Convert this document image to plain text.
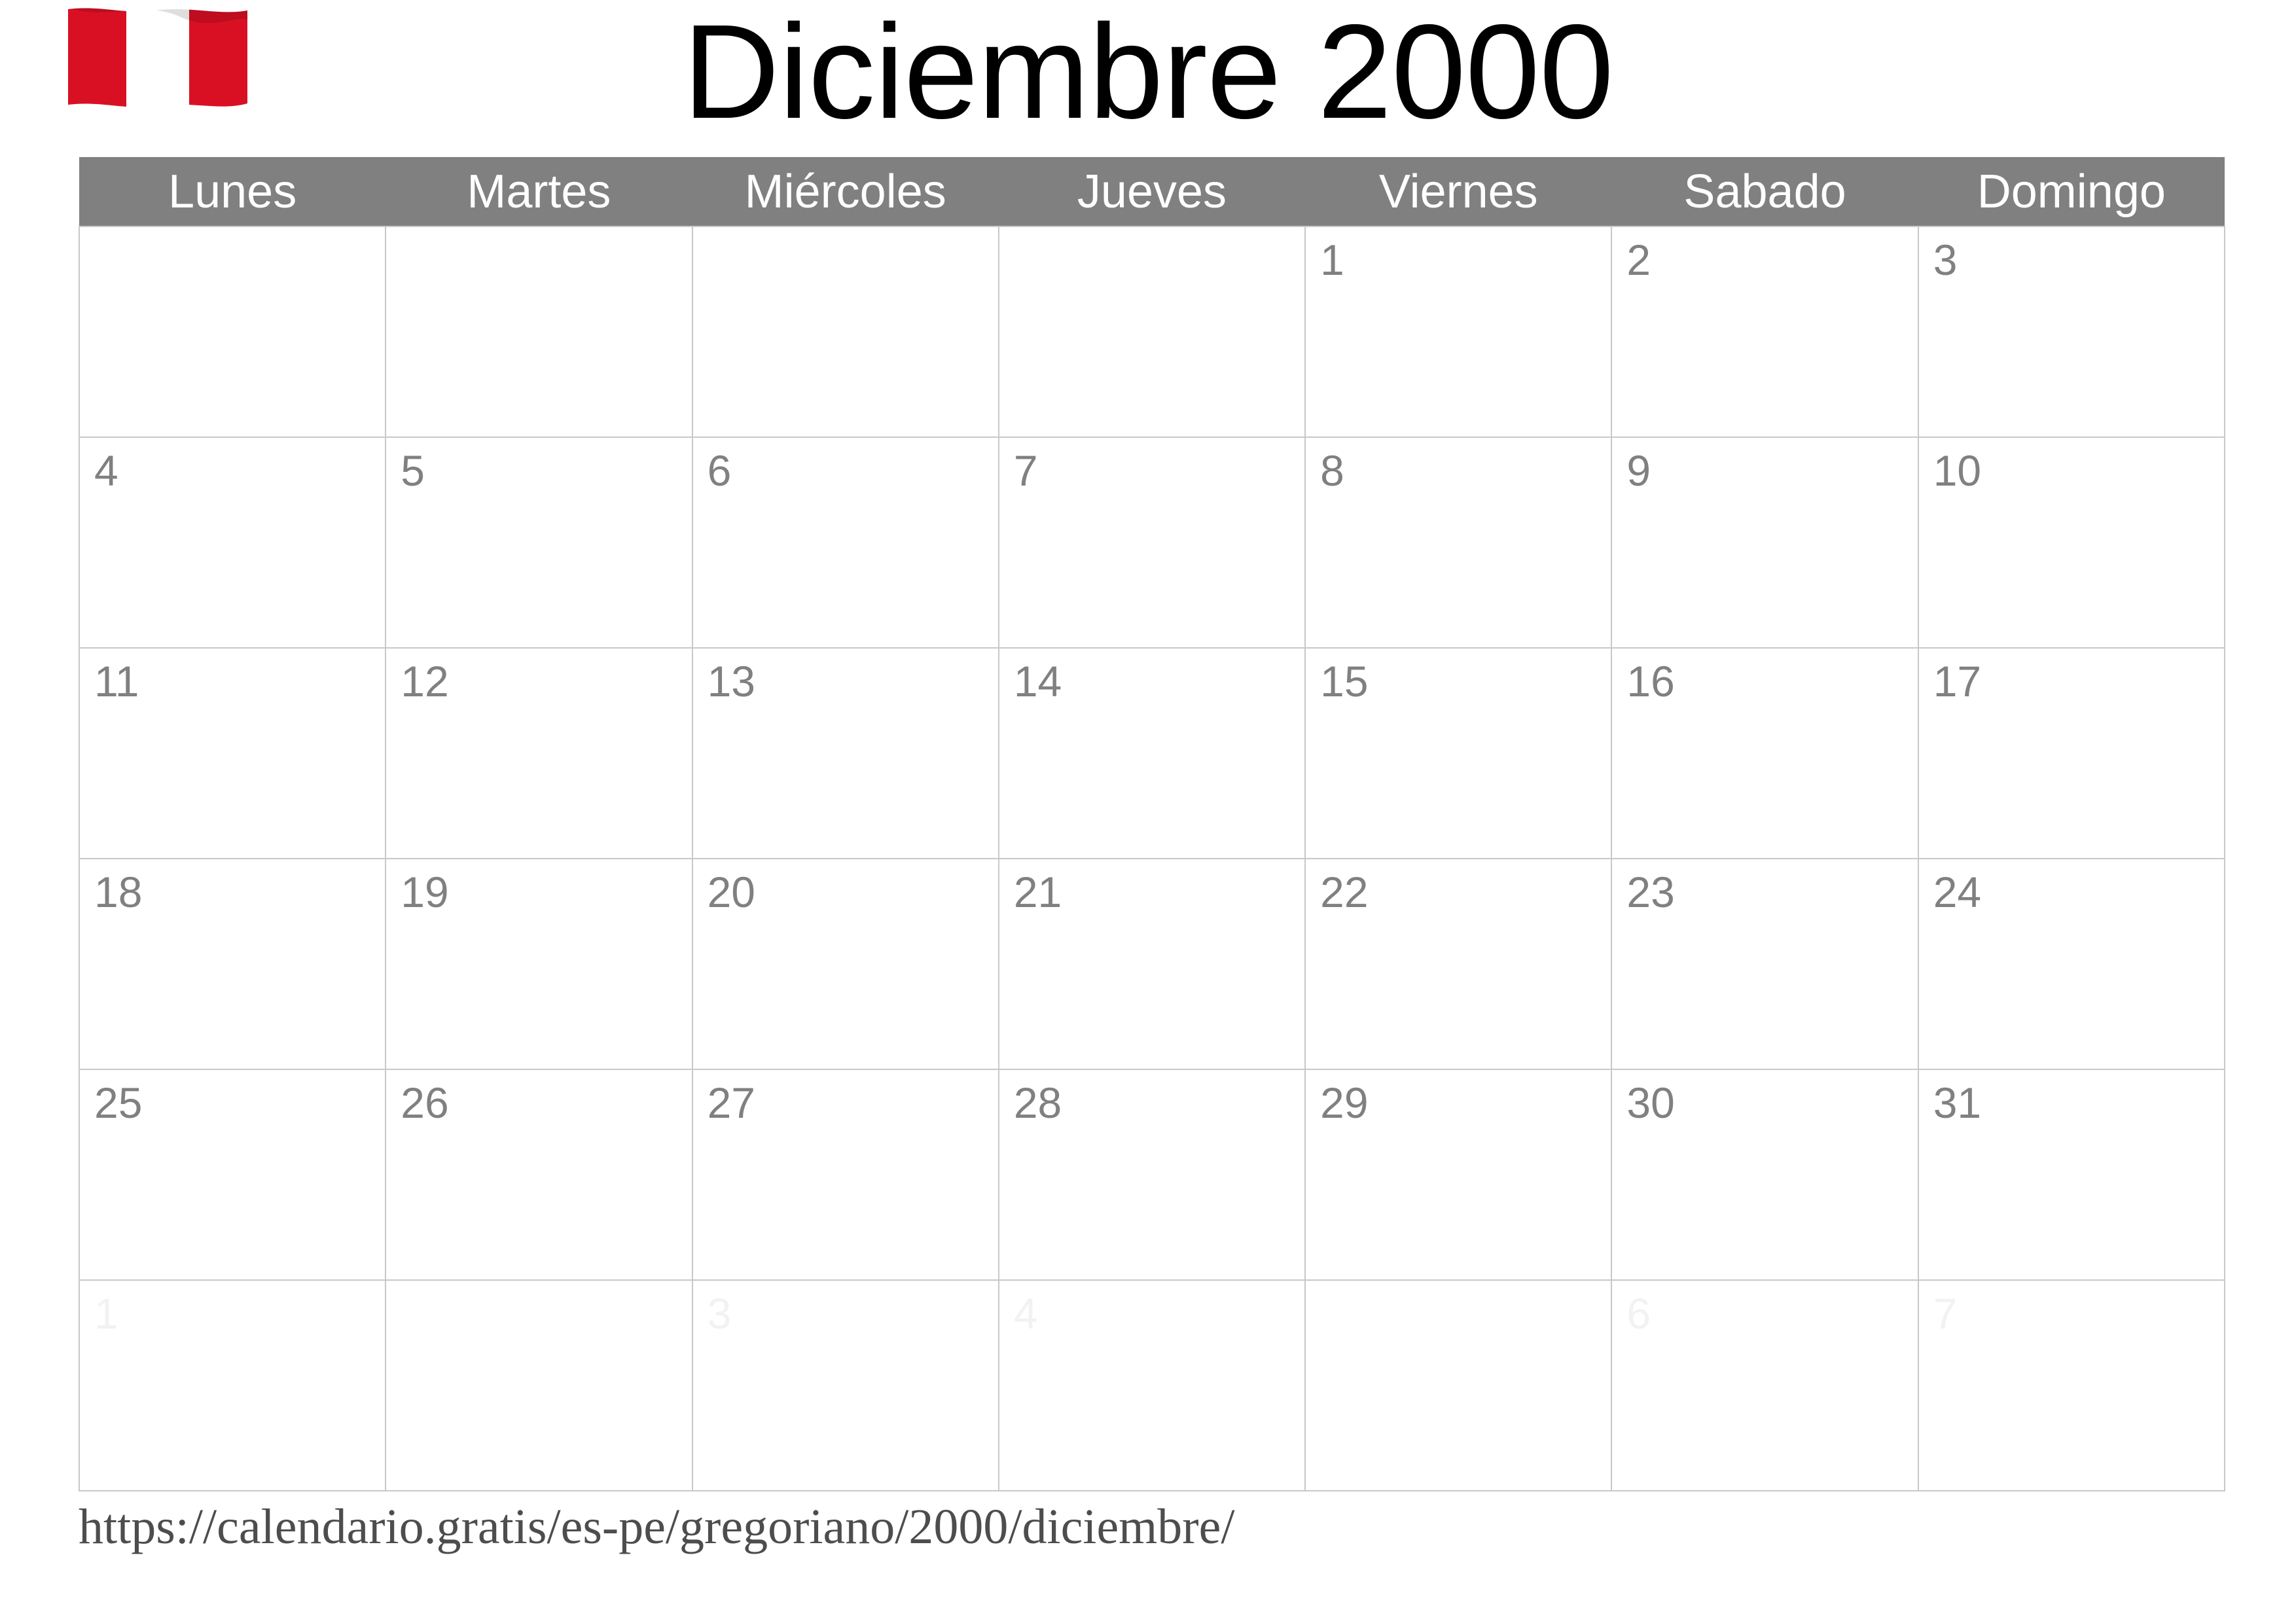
Diciembre 2000
Lunes	Martes	Miércoles	Jueves	Viernes	Sabado	Domingo

				1	2	3

4	5	6	7	8	9	10

11	12	13	14	15	16	17

18	19	20	21	22	23	24

25	26	27	28	29	30	31

1		3	4		6	7
https://calendario.gratis/es-pe/gregoriano/2000/diciembre/
